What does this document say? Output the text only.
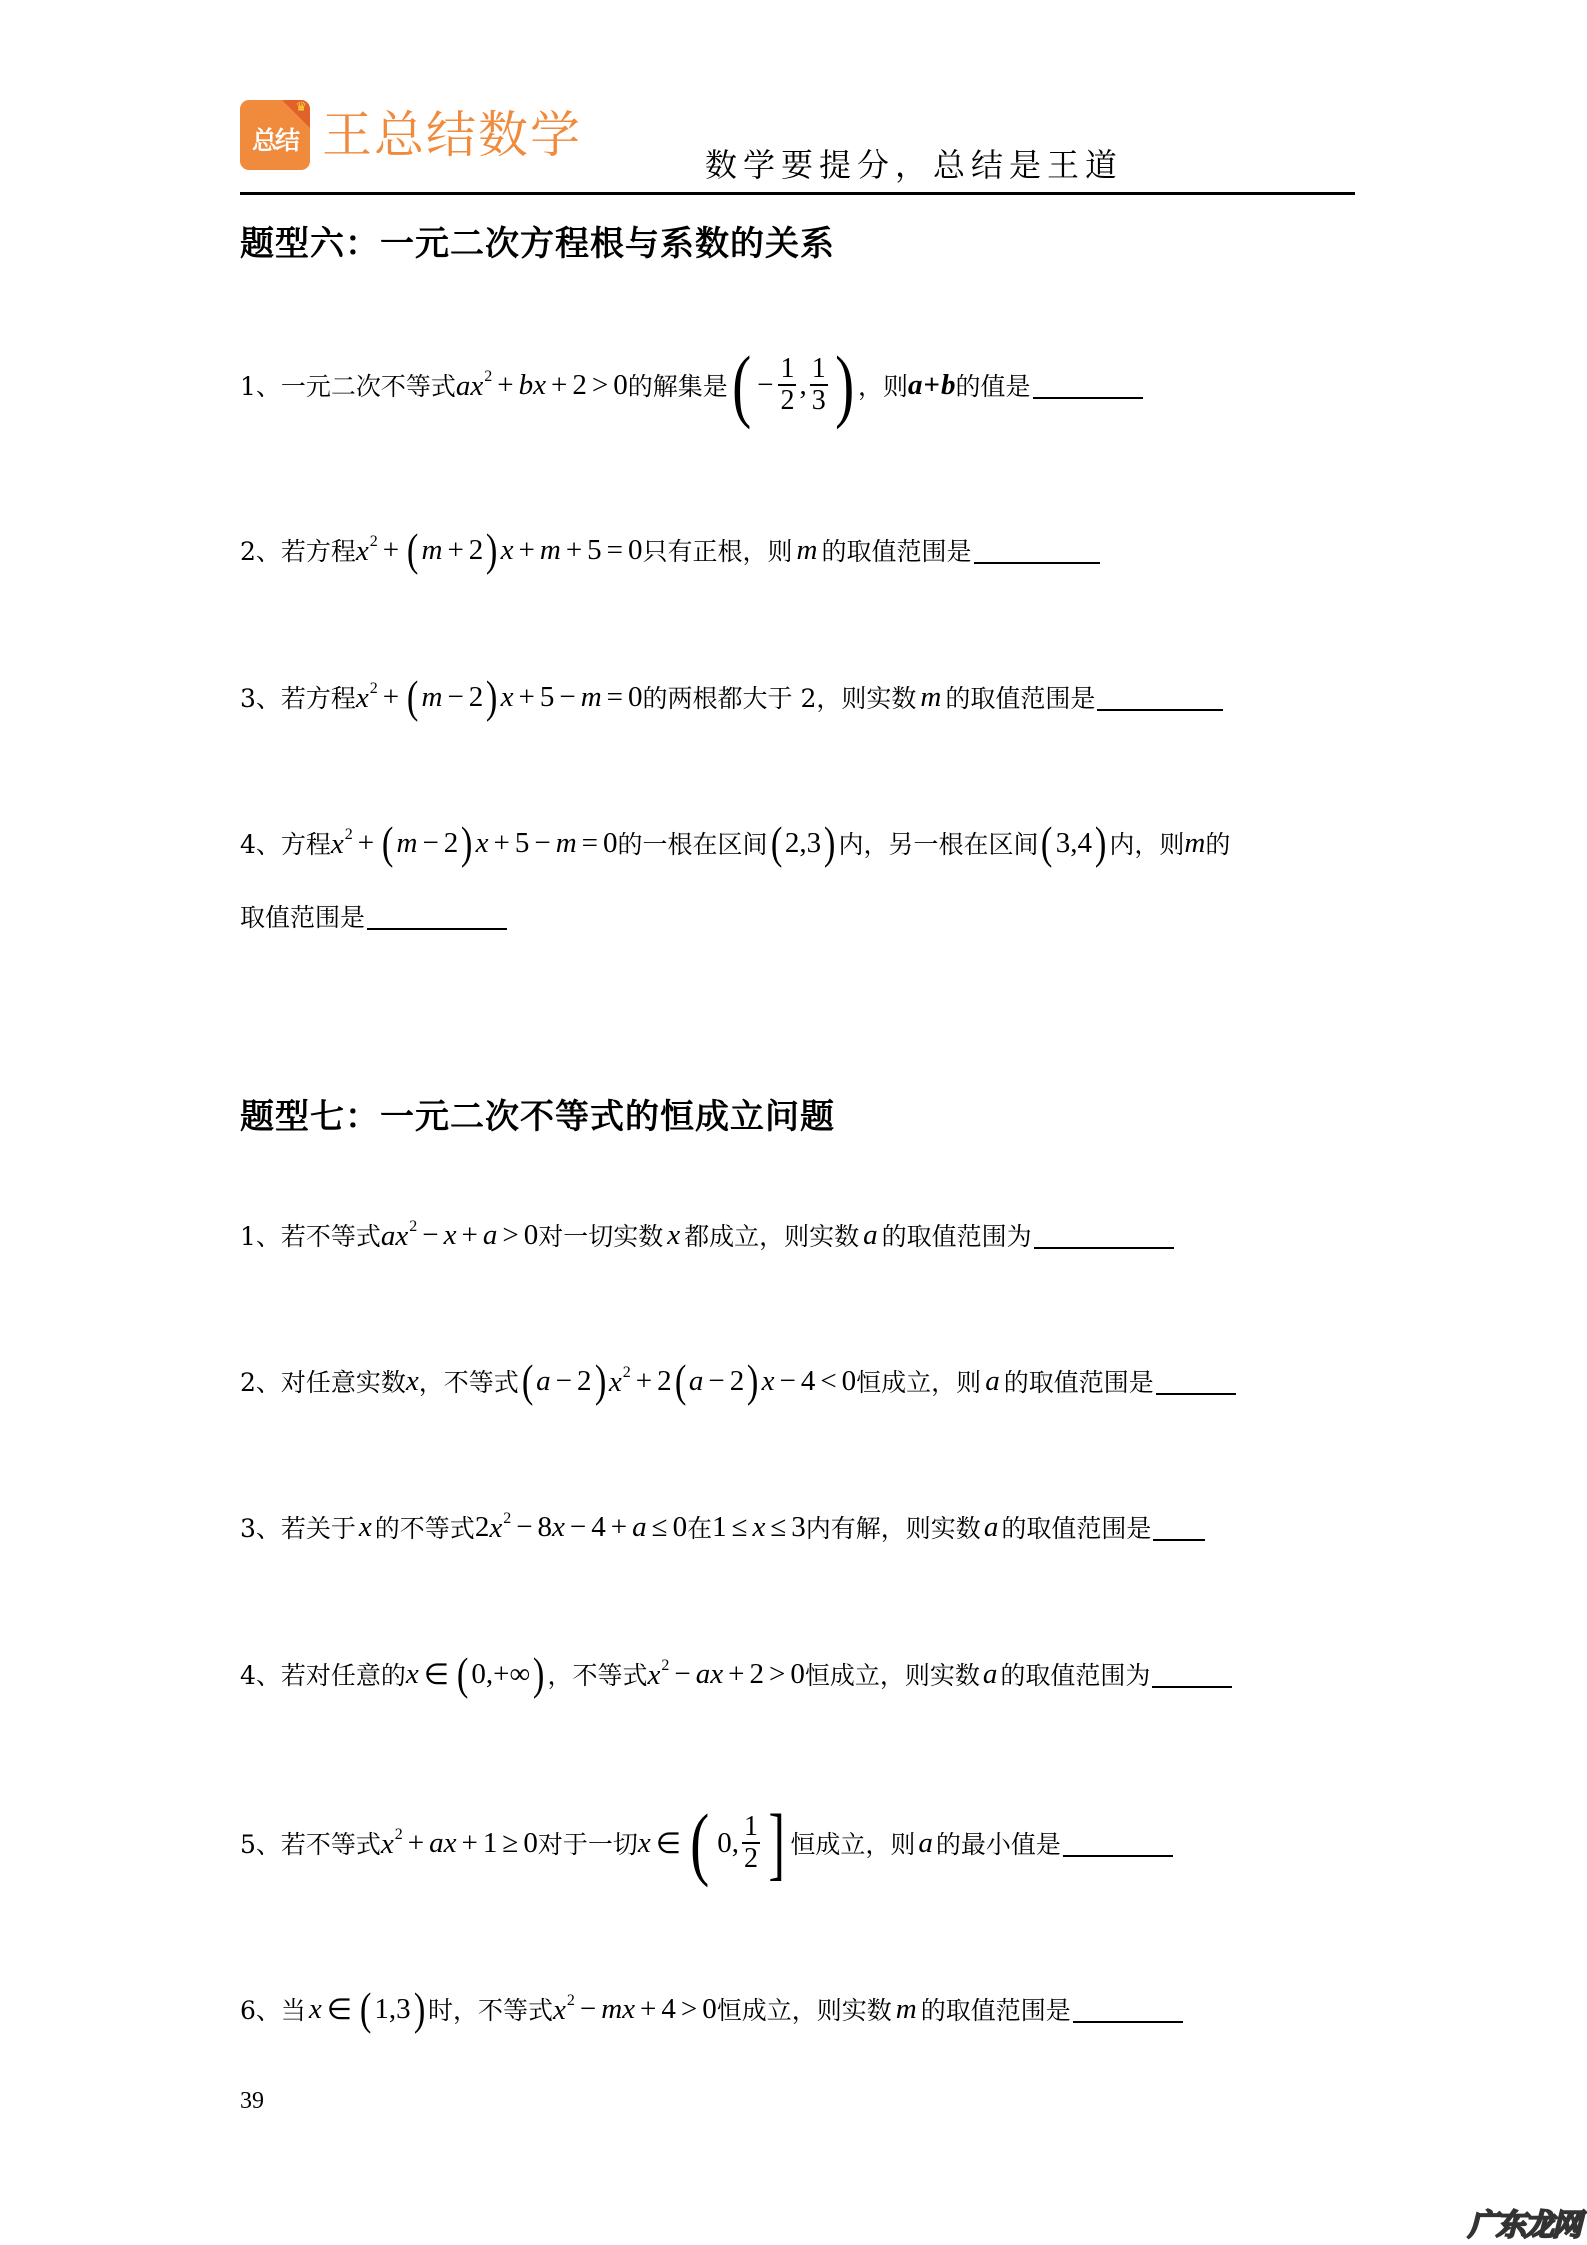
♛
总结 王总结数学
数学要提分，总结是王道
题型六：一元二次方程根与系数的关系
1、 一元二次不等式 $ax^2$ + bx + 2 > 0 的解集是 ( − $\frac{1}{2}$ , $\frac{1}{3}$ ) ，则 a + b 的值是
2、 若方程 $x^2$ + ( m + 2 ) x + m + 5 = 0 只有正根，则 m 的取值范围是
3、 若方程 $x^2$ + ( m − 2 ) x + 5 − m = 0 的两根都大于 2，则实数 m 的取值范围是
4、 方程 $x^2$ + ( m − 2 ) x + 5 − m = 0 的一根在区间 ( 2,3 ) 内，另一根在区间 ( 3,4 ) 内，则 m 的
取值范围是
题型七：一元二次不等式的恒成立问题
1、 若不等式 $ax^2 - x + a > 0$ 对一切实数 x 都成立，则实数 a 的取值范围为
2、 对任意实数 x ，不等式 ( a − 2 ) $x^2 + 2$ ( a − 2 ) x − 4 < 0 恒成立，则 a 的取值范围是
3、 若关于 x 的不等式 2 $x^2 - 8$ x − 4 + a ≤ 0 在 1 ≤ x ≤ 3 内有解，则实数 a 的取值范围是
4、 若对任意的 x ∈ ( 0,+∞ ) ，不等式 $x^2$ − ax + 2 > 0 恒成立，则实数 a 的取值范围为
5、 若不等式 $x^2$ + ax + 1 ≥ 0 对于一切 x ∈ ( 0, $\frac{1}{2}$ ] 恒成立，则 a 的最小值是
6、 当 x ∈ ( 1,3 ) 时，不等式 $x^2$ − mx + 4 > 0 恒成立，则实数 m 的取值范围是
39
广东龙网
